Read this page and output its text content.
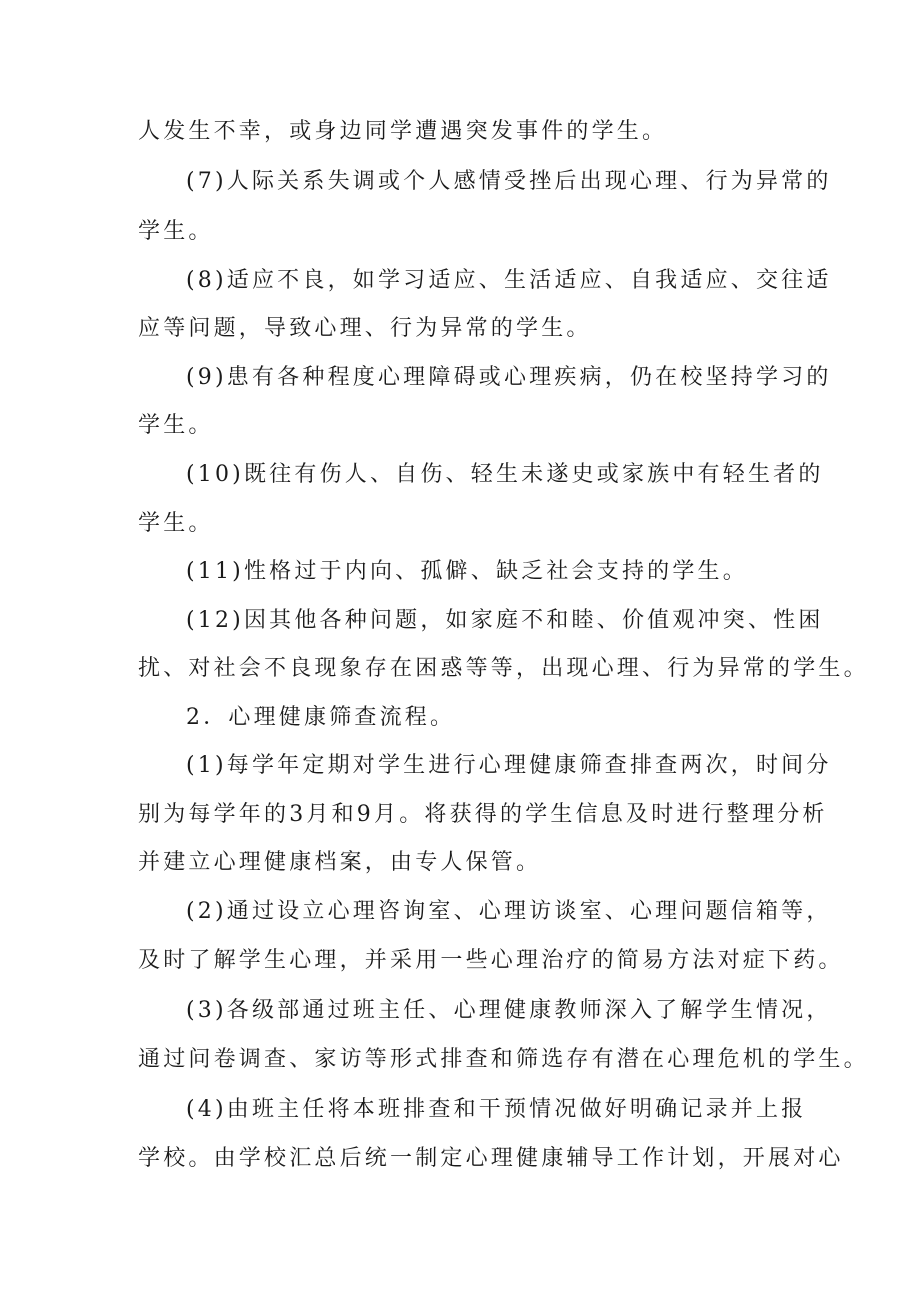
人发生不幸，或身边同学遭遇突发事件的学生。
(7)人际关系失调或个人感情受挫后出现心理、行为异常的
学生。
(8)适应不良，如学习适应、生活适应、自我适应、交往适
应等问题，导致心理、行为异常的学生。
(9)患有各种程度心理障碍或心理疾病，仍在校坚持学习的
学生。
(10)既往有伤人、自伤、轻生未遂史或家族中有轻生者的
学生。
(11)性格过于内向、孤僻、缺乏社会支持的学生。
(12)因其他各种问题，如家庭不和睦、价值观冲突、性困
扰、对社会不良现象存在困惑等等，出现心理、行为异常的学生。
2．心理健康筛查流程。
(1)每学年定期对学生进行心理健康筛查排查两次，时间分
别为每学年的3月和9月。将获得的学生信息及时进行整理分析
并建立心理健康档案，由专人保管。
(2)通过设立心理咨询室、心理访谈室、心理问题信箱等，
及时了解学生心理，并采用一些心理治疗的简易方法对症下药。
(3)各级部通过班主任、心理健康教师深入了解学生情况，
通过问卷调查、家访等形式排查和筛选存有潜在心理危机的学生。
(4)由班主任将本班排查和干预情况做好明确记录并上报
学校。由学校汇总后统一制定心理健康辅导工作计划，开展对心
